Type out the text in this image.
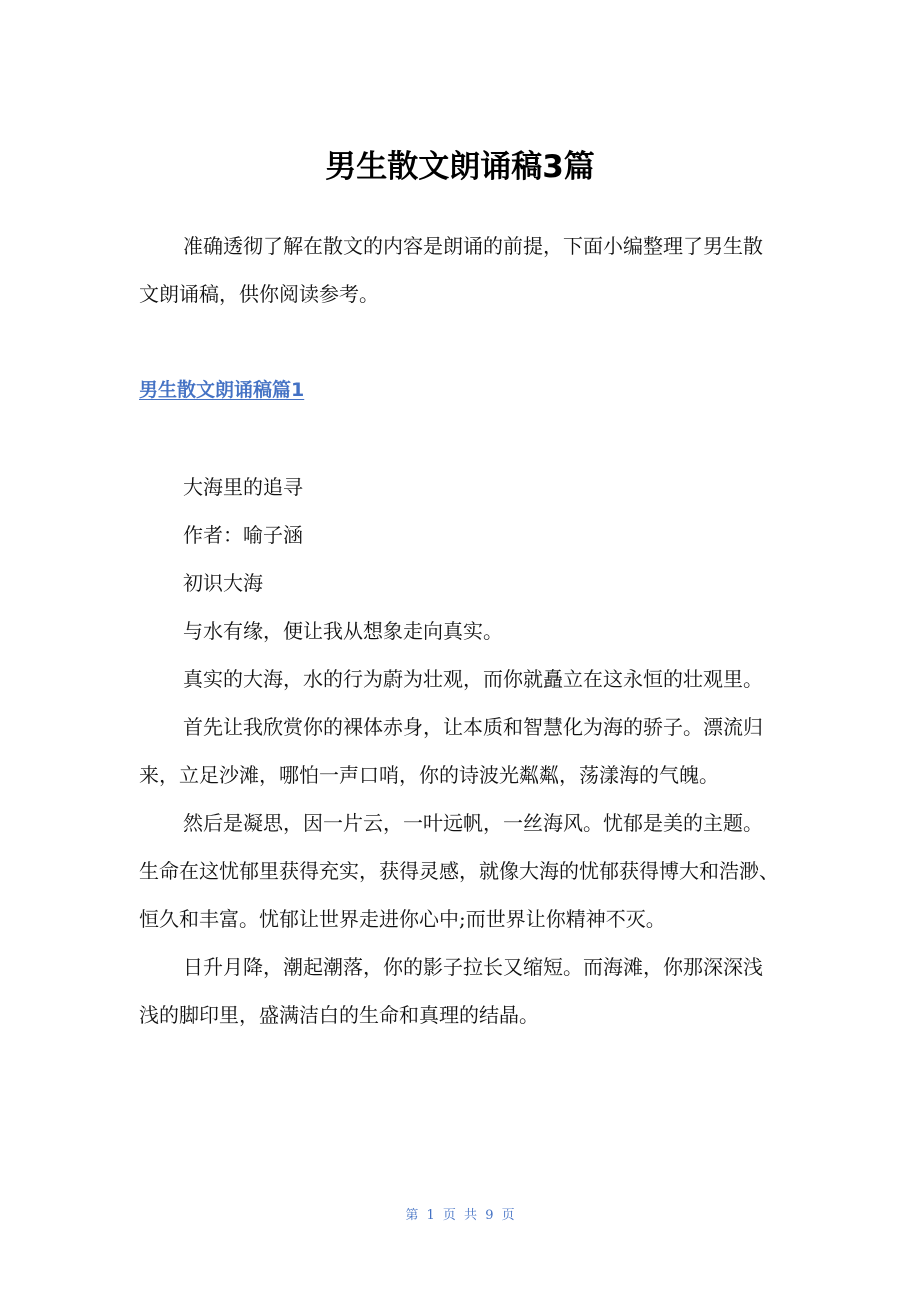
男生散文朗诵稿3篇

准确透彻了解在散文的内容是朗诵的前提，下面小编整理了男生散文朗诵稿，供你阅读参考。

男生散文朗诵稿篇1

大海里的追寻

作者：喻子涵

初识大海

与水有缘，便让我从想象走向真实。

真实的大海，水的行为蔚为壮观，而你就矗立在这永恒的壮观里。

首先让我欣赏你的裸体赤身，让本质和智慧化为海的骄子。漂流归来，立足沙滩，哪怕一声口哨，你的诗波光粼粼，荡漾海的气魄。

然后是凝思，因一片云，一叶远帆，一丝海风。忧郁是美的主题。生命在这忧郁里获得充实，获得灵感，就像大海的忧郁获得博大和浩渺、恒久和丰富。忧郁让世界走进你心中;而世界让你精神不灭。

日升月降，潮起潮落，你的影子拉长又缩短。而海滩，你那深深浅浅的脚印里，盛满洁白的生命和真理的结晶。

第 1 页 共 9 页
